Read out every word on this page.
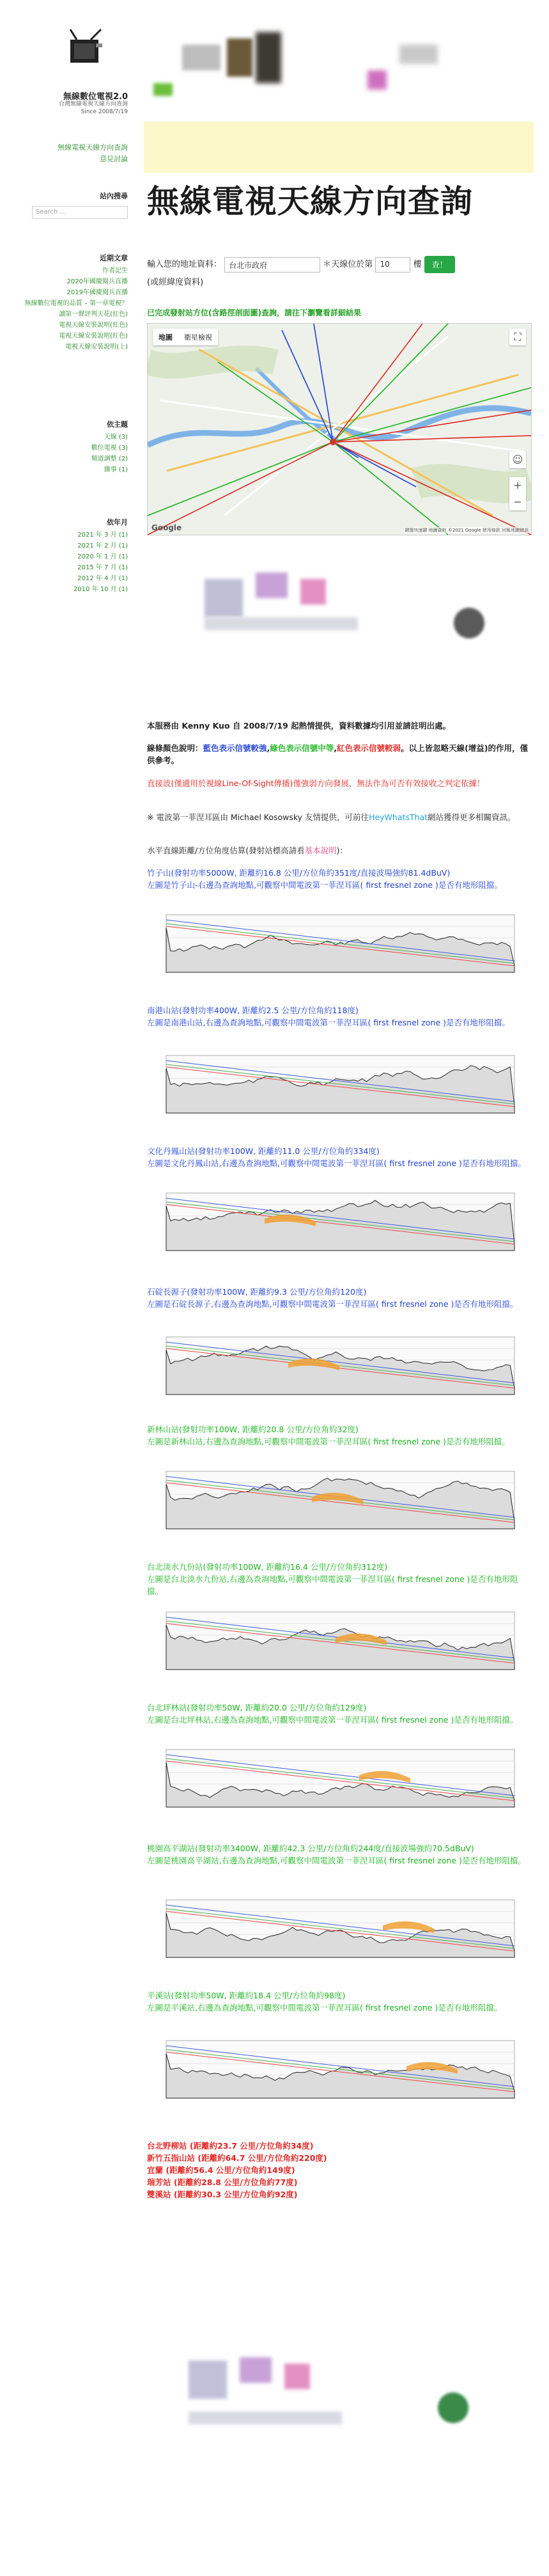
無線數位電視2.0
台灣無線電視天線方向查詢
Since 2008/7/19
無線電視天線方向查詢
意見討論
站內搜尋
Search ...
近期文章
作者記生
2020年國慶閱兵直播
2019年國慶閱兵直播
無線數位電視的品質 – 第一章電視？
讀第一聲評判天花(紅色)
電視天線安裝說明(紅色)
電視天線安裝說明(紅色)
電視天線安裝說明(上)
依主題
天線 (3)
數位電視 (3)
頻道調整 (2)
雜事 (1)
依年月
2021 年 3 月 (1)
2021 年 2 月 (1)
2020 年 1 月 (1)
2015 年 7 月 (1)
2012 年 4 月 (1)
2010 年 10 月 (1)
無線電視天線方向查詢
輸入您的地址資料： 台北市政府	＊天線位於第 10	樓 查！
(或經緯度資料)
已完成發射站方位(含路徑剖面圖)查詢，請往下瀏覽看詳細結果
地圖 衛星檢視	⛶
☺
+
−
Google	鍵盤快速鍵 地圖資料 ©2021 Google 使用條款 回報地圖錯誤
本服務由 Kenny Kuo 自 2008/7/19 起熱情提供，資料數據均引用並請註明出處。
線條顏色說明：藍色表示信號較強,綠色表示信號中等,紅色表示信號較弱。以上皆忽略天線(增益)的作用，僅供參考。
直接波(僅適用於視線Line-Of-Sight傳播)僅強弱方向發展，無法作為可否有效接收之判定依據！
※ 電波第一菲涅耳區由 Michael Kosowsky 友情提供，可前往HeyWhatsThat網站獲得更多相關資訊。
水平直線距離/方位角度估算(發射站標高請看基本說明)：
竹子山(發射功率5000W, 距離約16.8 公里/方位角約351度/直接波場強約81.4dBuV)
左圖是竹子山-右邊為查詢地點,可觀察中間電波第一菲涅耳區( first fresnel zone )是否有地形阻擋。
南港山站(發射功率400W, 距離約2.5 公里/方位角約118度)
左圖是南港山站,右邊為查詢地點,可觀察中間電波第一菲涅耳區( first fresnel zone )是否有地形阻擋。
文化丹鳳山站(發射功率100W, 距離約11.0 公里/方位角約334度)
左圖是文化丹鳳山站,右邊為查詢地點,可觀察中間電波第一菲涅耳區( first fresnel zone )是否有地形阻擋。
石碇長源子(發射功率100W, 距離約9.3 公里/方位角約120度)
左圖是石碇長源子,右邊為查詢地點,可觀察中間電波第一菲涅耳區( first fresnel zone )是否有地形阻擋。
新林山站(發射功率100W, 距離約20.8 公里/方位角約32度)
左圖是新林山站,右邊為查詢地點,可觀察中間電波第一菲涅耳區( first fresnel zone )是否有地形阻擋。
台北淡水九份站(發射功率100W, 距離約16.4 公里/方位角約312度)
左圖是台北淡水九份站,右邊為查詢地點,可觀察中間電波第一菲涅耳區( first fresnel zone )是否有地形阻擋。
台北坪林站(發射功率50W, 距離約20.0 公里/方位角約129度)
左圖是台北坪林站,右邊為查詢地點,可觀察中間電波第一菲涅耳區( first fresnel zone )是否有地形阻擋。
桃園高平湖站(發射功率3400W, 距離約42.3 公里/方位角約244度/直接波場強約70.5dBuV)
左圖是桃園高平湖站,右邊為查詢地點,可觀察中間電波第一菲涅耳區( first fresnel zone )是否有地形阻擋。
平溪站(發射功率50W, 距離約18.4 公里/方位角約98度)
左圖是平溪站,右邊為查詢地點,可觀察中間電波第一菲涅耳區( first fresnel zone )是否有地形阻擋。
台北野柳站 (距離約23.7 公里/方位角約34度)
新竹五指山站 (距離約64.7 公里/方位角約220度)
宜蘭 (距離約56.4 公里/方位角約149度)
瑞芳站 (距離約28.8 公里/方位角約77度)
雙溪站 (距離約30.3 公里/方位角約92度)
